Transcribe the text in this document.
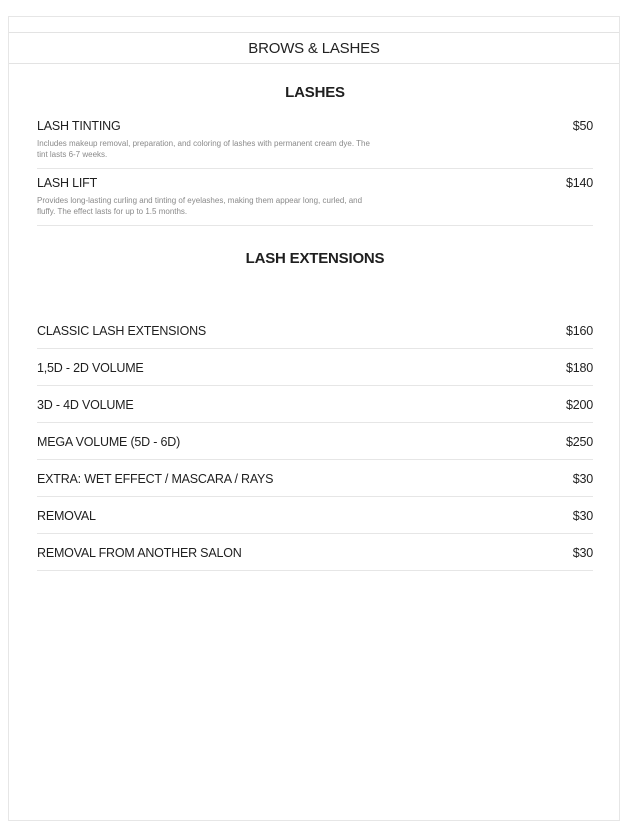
BROWS & LASHES
LASHES
LASH TINTING	$50
Includes makeup removal, preparation, and coloring of lashes with permanent cream dye. The tint lasts 6-7 weeks.
LASH LIFT	$140
Provides long-lasting curling and tinting of eyelashes, making them appear long, curled, and fluffy. The effect lasts for up to 1.5 months.
LASH EXTENSIONS
CLASSIC LASH EXTENSIONS	$160
1,5D - 2D VOLUME	$180
3D - 4D VOLUME	$200
MEGA VOLUME (5D - 6D)	$250
EXTRA: WET EFFECT / MASCARA / RAYS	$30
REMOVAL	$30
REMOVAL FROM ANOTHER SALON	$30
